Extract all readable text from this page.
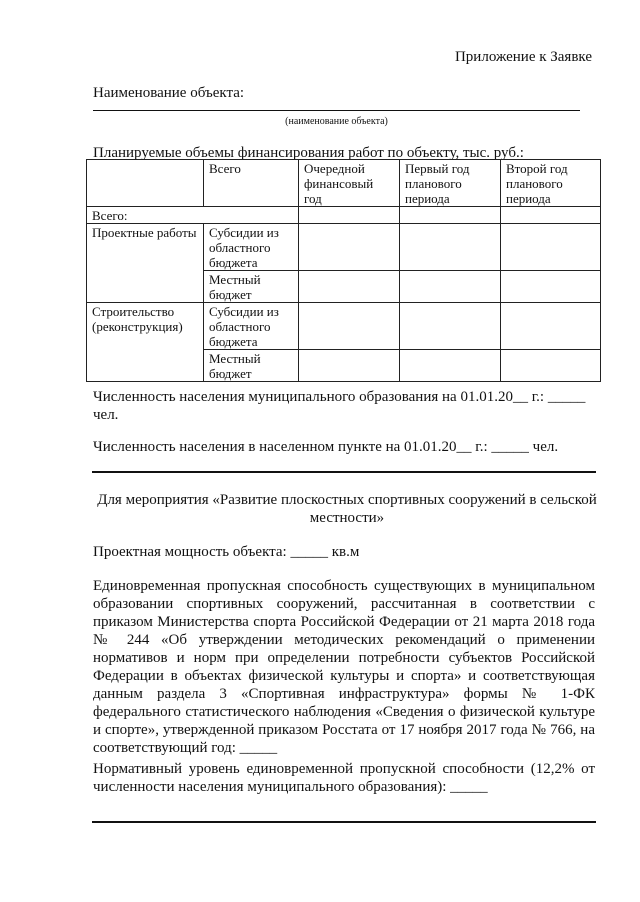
Приложение к Заявке
Наименование объекта:
(наименование объекта)
Планируемые объемы финансирования работ по объекту, тыс. руб.:
	Всего	Очередной финансовый год	Первый год планового периода	Второй год планового периода
Всего:				
Проектные работы	Субсидии из областного бюджета			
	Местный бюджет			
Строительство (реконструкция)	Субсидии из областного бюджета			
	Местный бюджет			
Численность населения муниципального образования на 01.01.20__ г.: _____ чел.
Численность населения в населенном пункте на 01.01.20__ г.: _____ чел.
Для мероприятия «Развитие плоскостных спортивных сооружений в сельской местности»
Проектная мощность объекта: _____ кв.м
Единовременная пропускная способность существующих в муниципальном образовании спортивных сооружений, рассчитанная в соответствии с приказом Министерства спорта Российской Федерации от 21 марта 2018 года № 244 «Об утверждении методических рекомендаций о применении нормативов и норм при определении потребности субъектов Российской Федерации в объектах физической культуры и спорта» и соответствующая данным раздела 3 «Спортивная инфраструктура» формы № 1-ФК федерального статистического наблюдения «Сведения о физической культуре и спорте», утвержденной приказом Росстата от 17 ноября 2017 года № 766, на соответствующий год: _____
Нормативный уровень единовременной пропускной способности (12,2% от численности населения муниципального образования): _____
